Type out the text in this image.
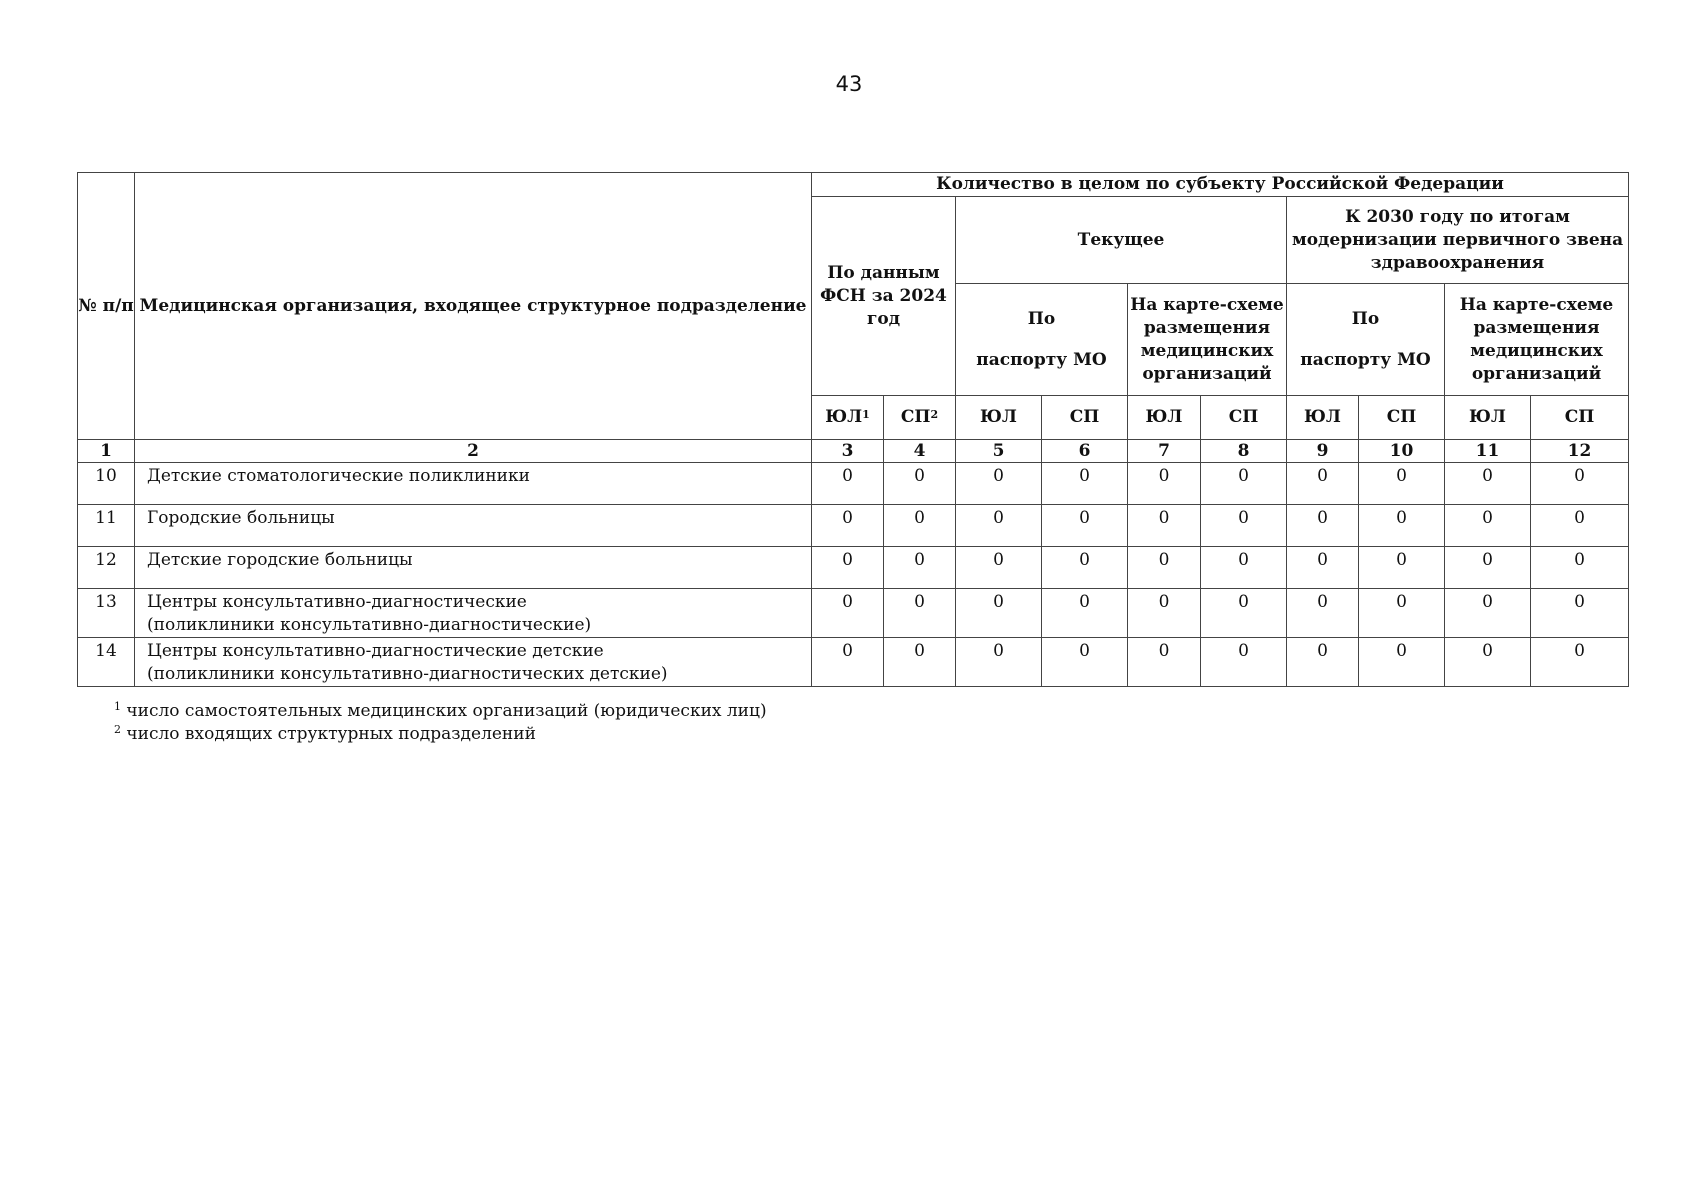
43
№ п/п	Медицинская организация, входящее структурное подразделение	Количество в целом по субъекту Российской Федерации									
		По данным ФСН за 2024 год		Текущее				К 2030 году по итогам модернизации первичного звена здравоохранения			

				По
паспорту МО		На карте-схеме размещения медицинских организаций		По
паспорту МО		На карте-схеме размещения медицинских организаций	
		$ЮЛ^1$	$СП^2$	ЮЛ	СП	ЮЛ	СП	ЮЛ	СП	ЮЛ	СП
1	2	3	4	5	6	7	8	9	10	11	12
10	Детские стоматологические поликлиники	0	0	0	0	0	0	0	0	0	0
11	Городские больницы	0	0	0	0	0	0	0	0	0	0
12	Детские городские больницы	0	0	0	0	0	0	0	0	0	0
13	Центры консультативно-диагностические
(поликлиники консультативно-диагностические)	0	0	0	0	0	0	0	0	0	0
14	Центры консультативно-диагностические детские
(поликлиники консультативно-диагностических детские)	0	0	0	0	0	0	0	0	0	0
$^1$ число самостоятельных медицинских организаций (юридических лиц)
$^2$ число входящих структурных подразделений
